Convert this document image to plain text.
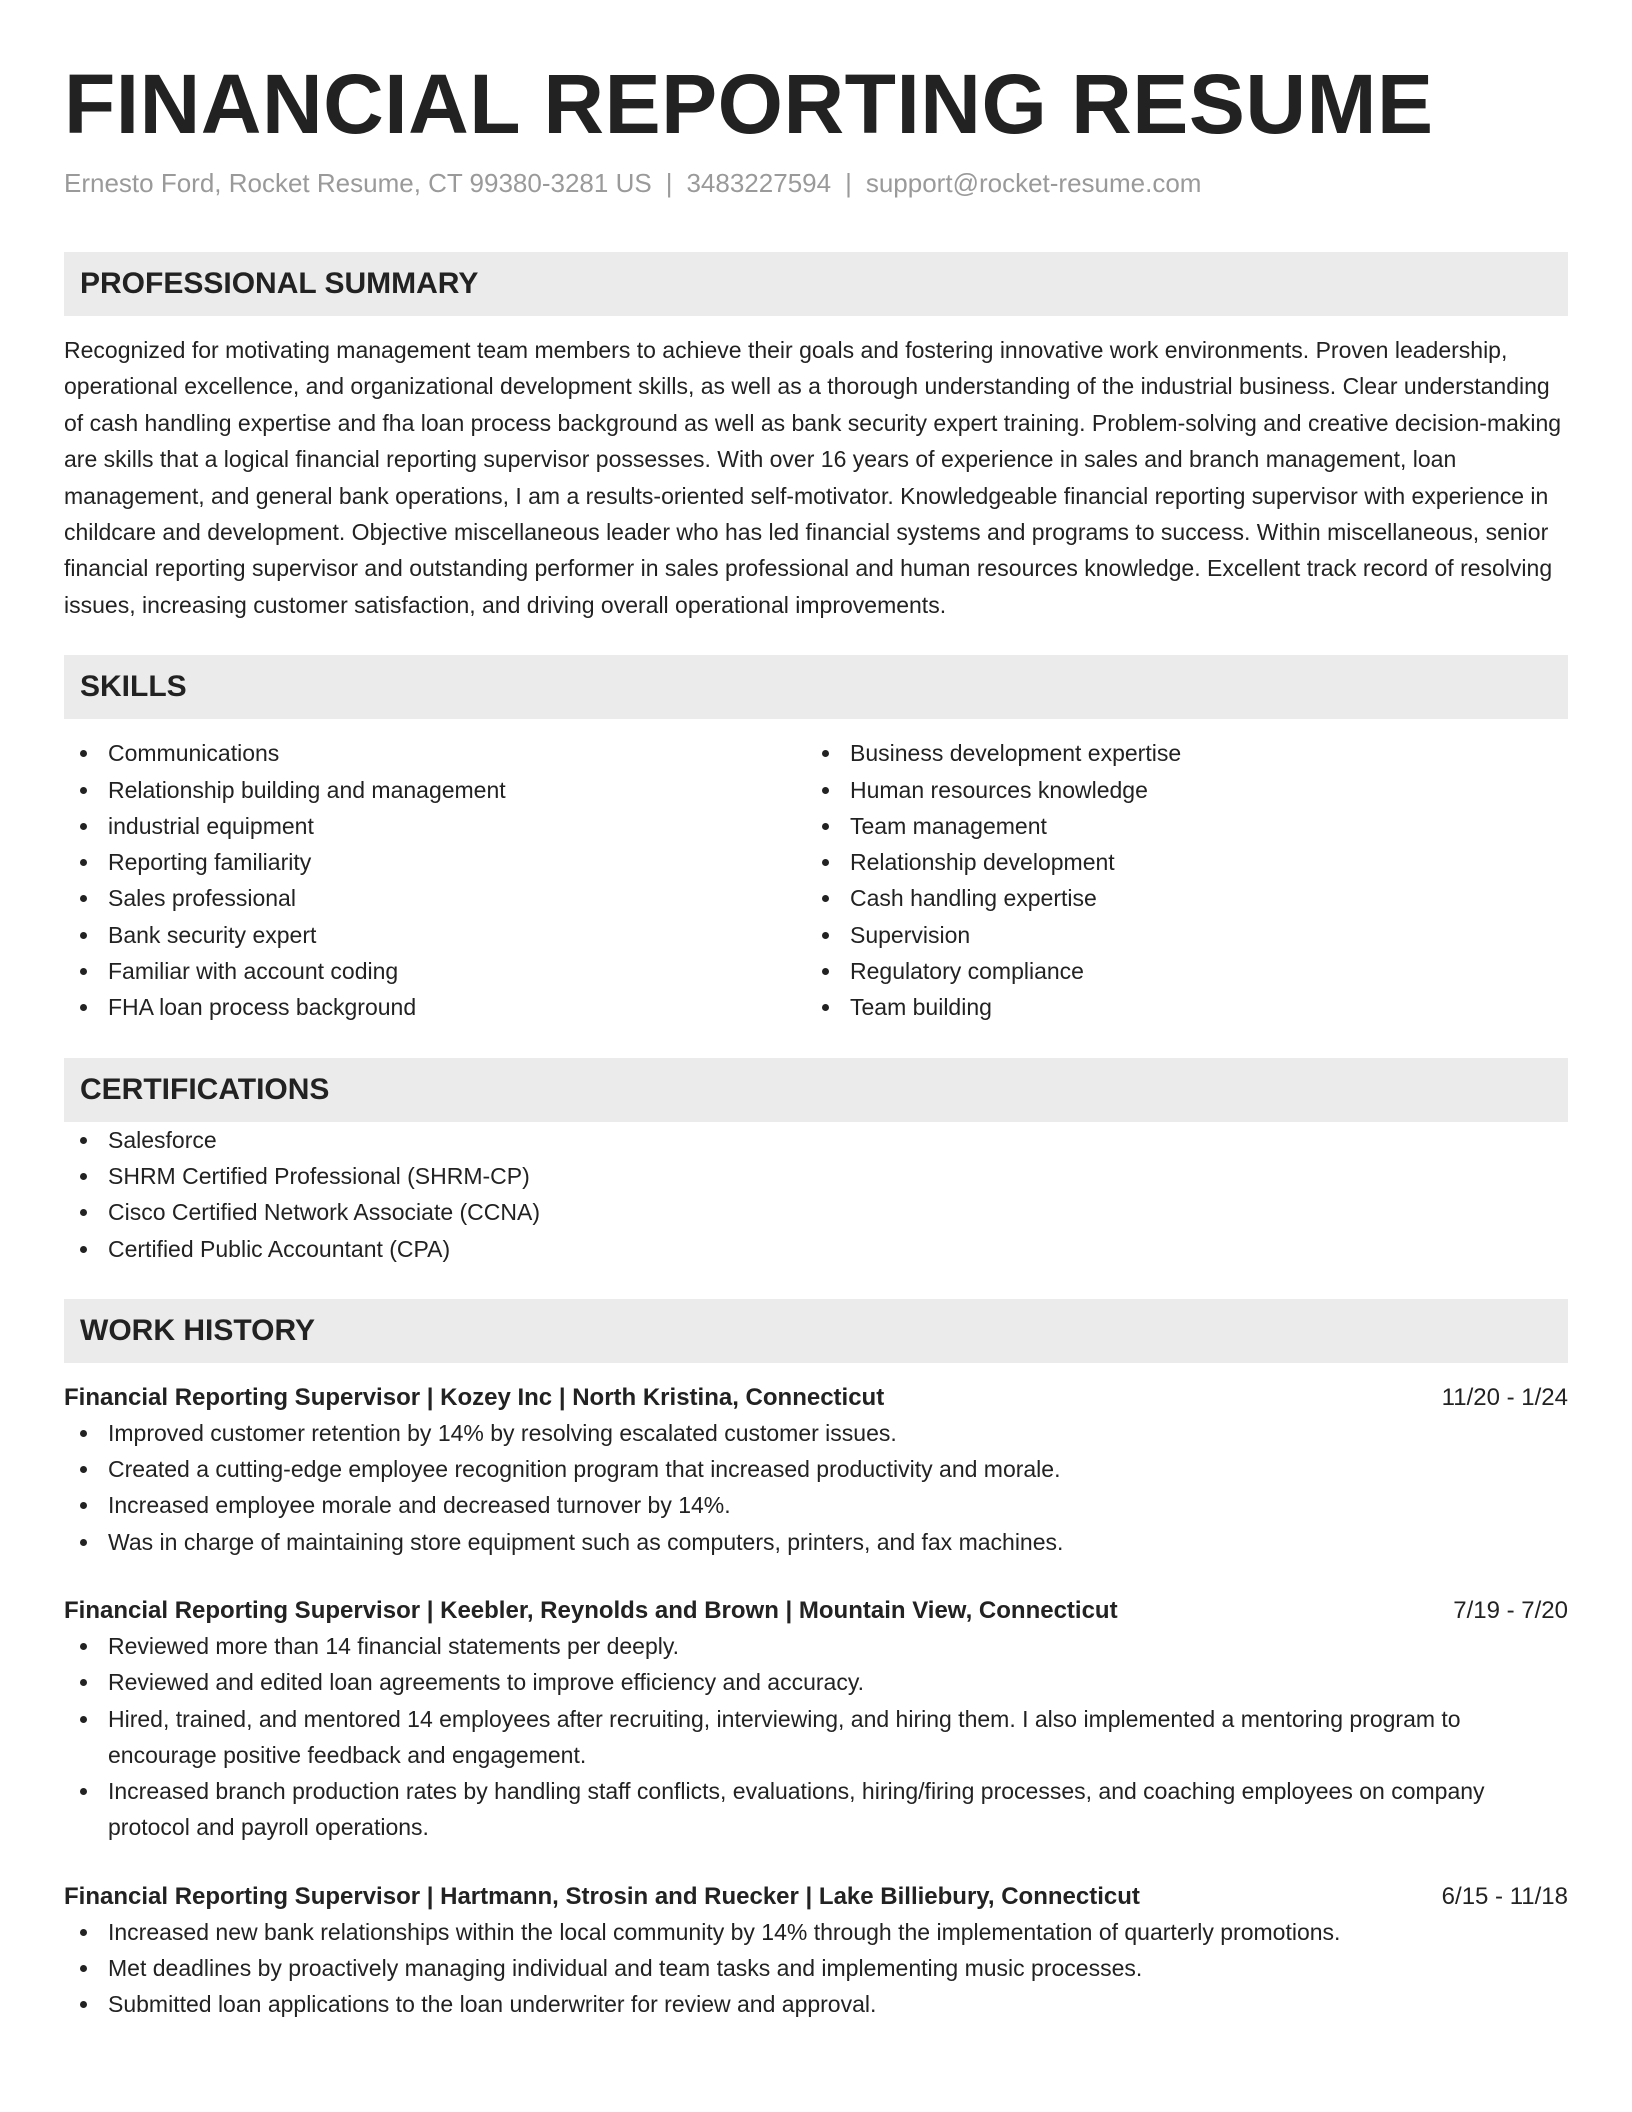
FINANCIAL REPORTING RESUME
Ernesto Ford, Rocket Resume, CT 99380-3281 US | 3483227594 | support@rocket-resume.com
PROFESSIONAL SUMMARY

Recognized for motivating management team members to achieve their goals and fostering innovative work environments. Proven leadership, operational excellence, and organizational development skills, as well as a thorough understanding of the industrial business. Clear understanding of cash handling expertise and fha loan process background as well as bank security expert training. Problem-solving and creative decision-making are skills that a logical financial reporting supervisor possesses. With over 16 years of experience in sales and branch management, loan management, and general bank operations, I am a results-oriented self-motivator. Knowledgeable financial reporting supervisor with experience in childcare and development. Objective miscellaneous leader who has led financial systems and programs to success. Within miscellaneous, senior financial reporting supervisor and outstanding performer in sales professional and human resources knowledge. Excellent track record of resolving issues, increasing customer satisfaction, and driving overall operational improvements.

SKILLS
Communications
Relationship building and management
industrial equipment
Reporting familiarity
Sales professional
Bank security expert
Familiar with account coding
FHA loan process background
Business development expertise
Human resources knowledge
Team management
Relationship development
Cash handling expertise
Supervision
Regulatory compliance
Team building
CERTIFICATIONS
Salesforce
SHRM Certified Professional (SHRM-CP)
Cisco Certified Network Associate (CCNA)
Certified Public Accountant (CPA)
WORK HISTORY
Financial Reporting Supervisor | Kozey Inc | North Kristina, Connecticut	11/20 - 1/24
Improved customer retention by 14% by resolving escalated customer issues.
Created a cutting-edge employee recognition program that increased productivity and morale.
Increased employee morale and decreased turnover by 14%.
Was in charge of maintaining store equipment such as computers, printers, and fax machines.
Financial Reporting Supervisor | Keebler, Reynolds and Brown | Mountain View, Connecticut	7/19 - 7/20
Reviewed more than 14 financial statements per deeply.
Reviewed and edited loan agreements to improve efficiency and accuracy.
Hired, trained, and mentored 14 employees after recruiting, interviewing, and hiring them. I also implemented a mentoring program to encourage positive feedback and engagement.
Increased branch production rates by handling staff conflicts, evaluations, hiring/firing processes, and coaching employees on company protocol and payroll operations.
Financial Reporting Supervisor | Hartmann, Strosin and Ruecker | Lake Billiebury, Connecticut	6/15 - 11/18
Increased new bank relationships within the local community by 14% through the implementation of quarterly promotions.
Met deadlines by proactively managing individual and team tasks and implementing music processes.
Submitted loan applications to the loan underwriter for review and approval.
